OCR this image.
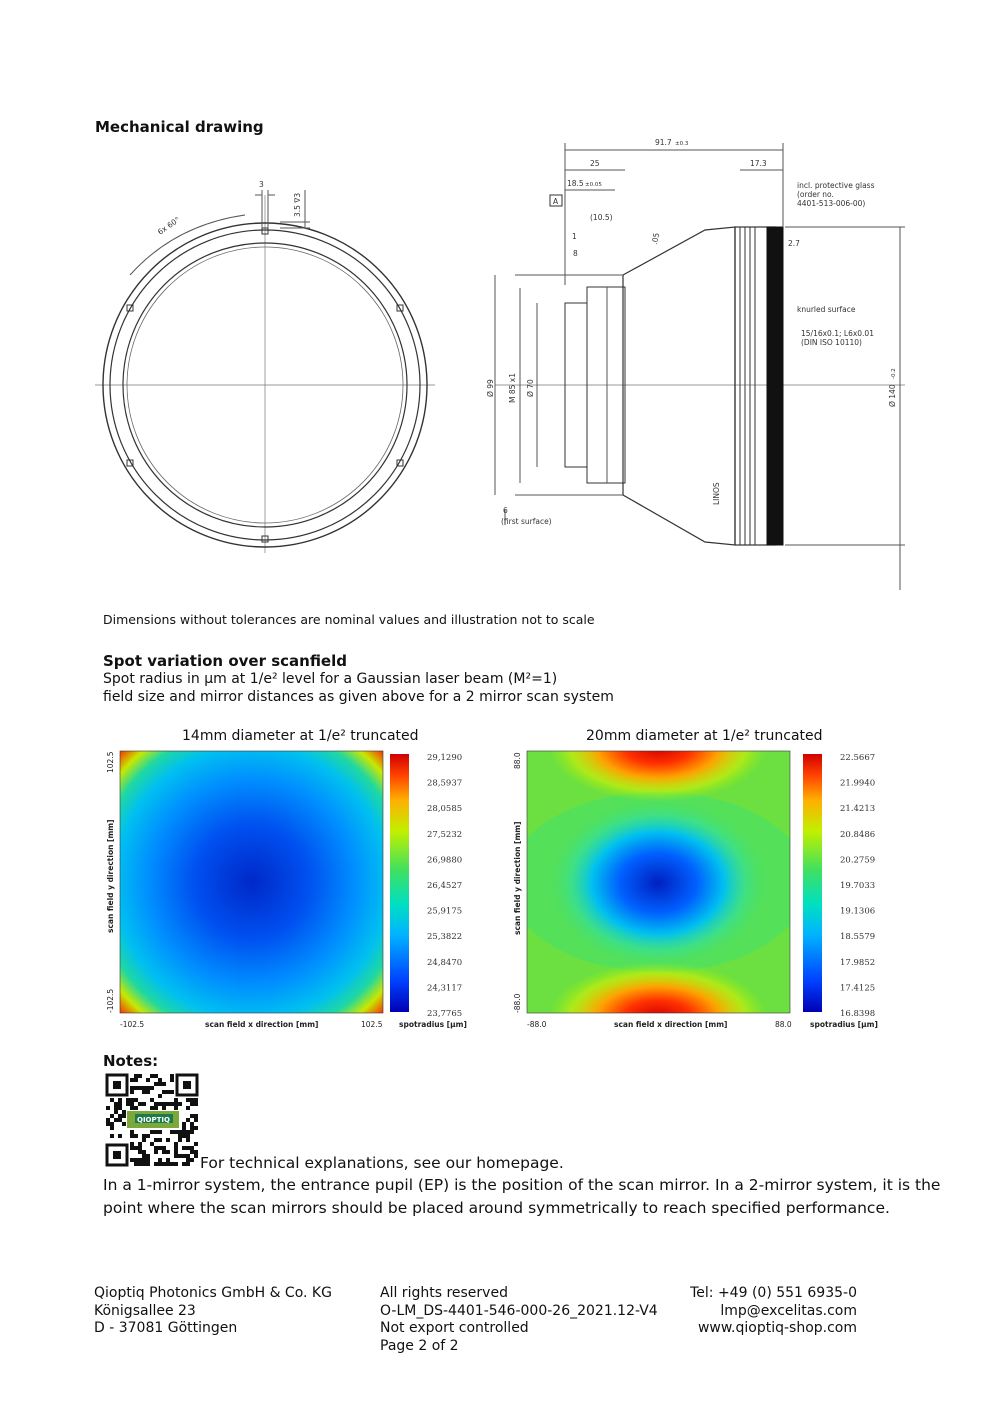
Mechanical drawing
3
3.5 ∇3
6x 60°
91.7 ±0.3
25	17.3
18.5 ±0.05
A
(10.5)
1
8
.05	2.7
incl. protective glass
(order no.
4401-513-006-00)
knurled surface
15/16x0.1; L6x0.01
(DIN ISO 10110)
Ø 99 M 85 x1 Ø 70	Ø 140
-0.2
6
(first surface)
LINOS
Dimensions without tolerances are nominal values and illustration not to scale
Spot variation over scanfield
Spot radius in µm at 1/e² level for a Gaussian laser beam (M²=1)
field size and mirror distances as given above for a 2 mirror scan system
14mm diameter at 1/e² truncated	20mm diameter at 1/e² truncated
29,1290
28,5937
28,0585
27,5232
26,9880
26,4527
25,9175
25,3822
24,8470
24,3117
23,7765
-102.5	102.5
scan field x direction [mm]	spotradius [µm]
102.5
-102.5
scan field y direction [mm]
22.5667
21.9940
21.4213
20.8486
20.2759
19.7033
19.1306
18.5579
17.9852
17.4125
16.8398
-88.0	88.0
scan field x direction [mm]	spotradius [µm]
88.0
-88.0
scan field y direction [mm]
Notes:
QIOPTIQ
For technical explanations, see our homepage.
In a 1-mirror system, the entrance pupil (EP) is the position of the scan mirror. In a 2-mirror system, it is the point where the scan mirrors should be placed around symmetrically to reach specified performance.
Qioptiq Photonics GmbH & Co. KG
Königsallee 23
D - 37081 Göttingen
All rights reserved
O-LM_DS-4401-546-000-26_2021.12-V4
Not export controlled
Page 2 of 2
Tel: +49 (0) 551 6935-0
lmp@excelitas.com
www.qioptiq-shop.com
